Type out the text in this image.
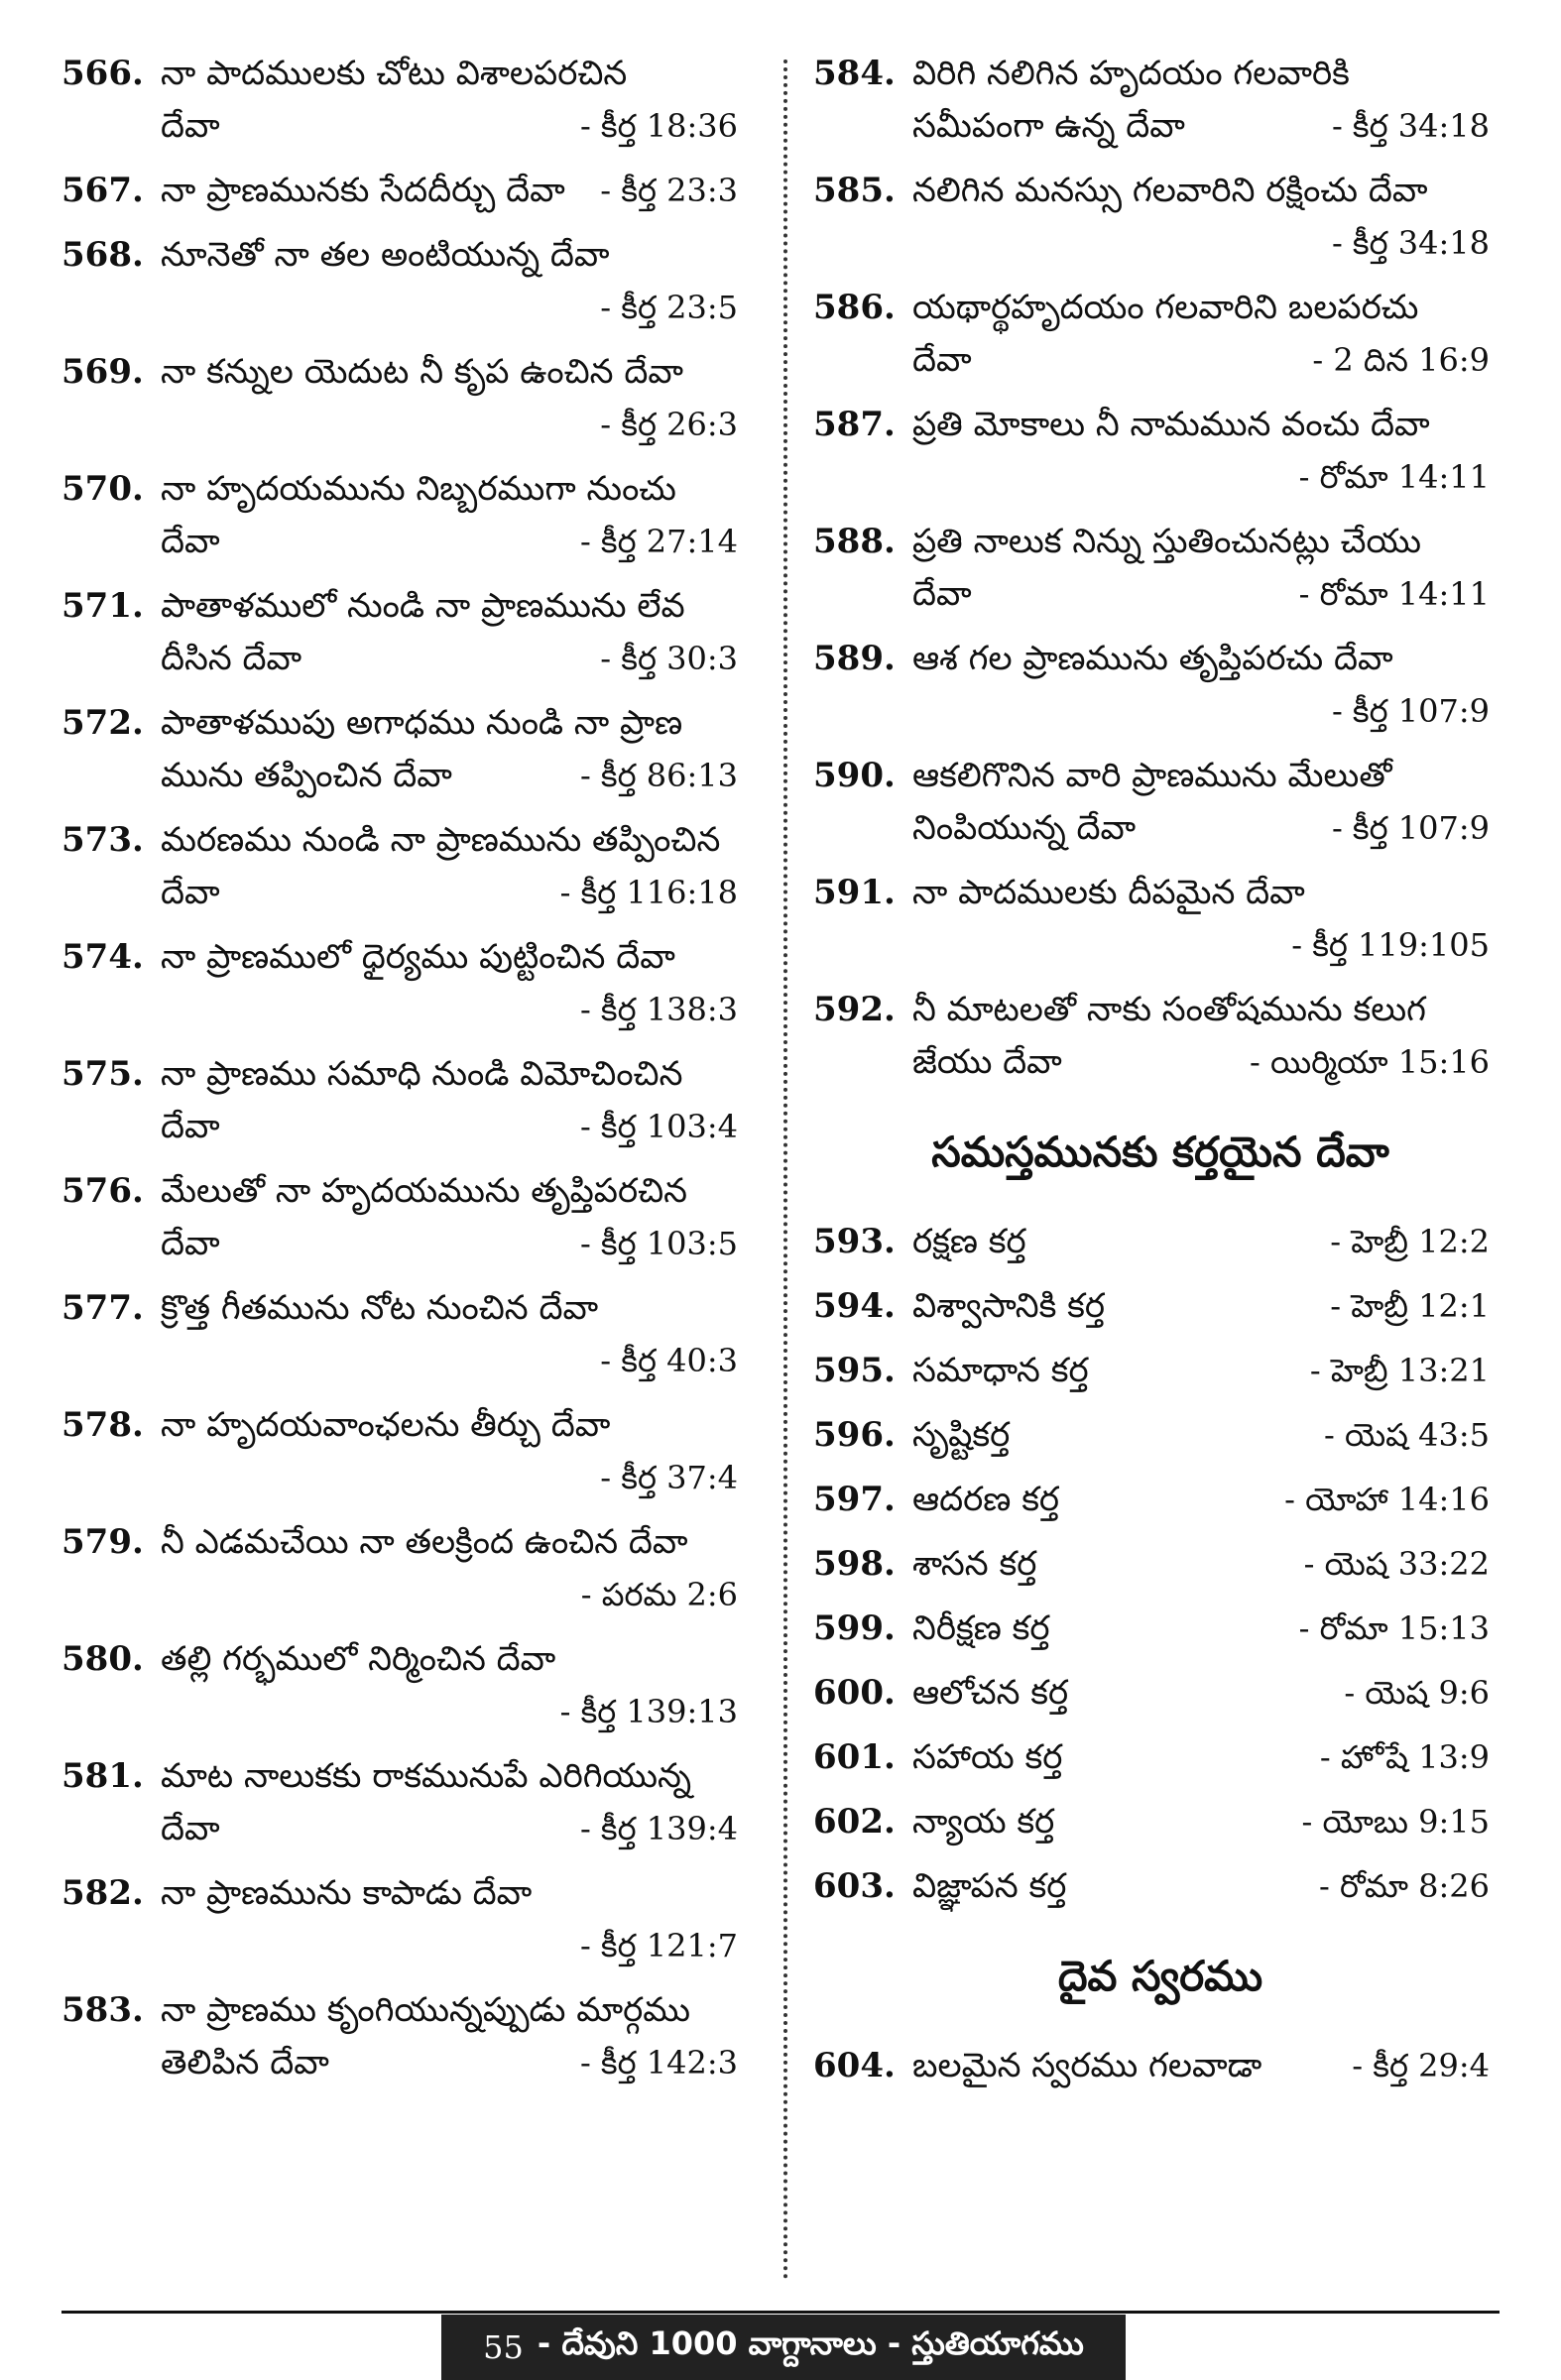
566. నా పాదములకు చోటు విశాలపరచిన
దేవా	- కీర్త 18:36
567. నా ప్రాణమునకు సేదదీర్చు దేవా	- కీర్త 23:3
568. నూనెతో నా తల అంటియున్న దేవా
- కీర్త 23:5
569. నా కన్నుల యెదుట నీ కృప ఉంచిన దేవా
- కీర్త 26:3
570. నా హృదయమును నిబ్బరముగా నుంచు
దేవా	- కీర్త 27:14
571. పాతాళములో నుండి నా ప్రాణమును లేవ
దీసిన దేవా	- కీర్త 30:3
572. పాతాళముపు అగాధము నుండి నా ప్రాణ
మును తప్పించిన దేవా	- కీర్త 86:13
573. మరణము నుండి నా ప్రాణమును తప్పించిన
దేవా	- కీర్త 116:18
574. నా ప్రాణములో ధైర్యము పుట్టించిన దేవా
- కీర్త 138:3
575. నా ప్రాణము సమాధి నుండి విమోచించిన
దేవా	- కీర్త 103:4
576. మేలుతో నా హృదయమును తృప్తిపరచిన
దేవా	- కీర్త 103:5
577. క్రొత్త గీతమును నోట నుంచిన దేవా
- కీర్త 40:3
578. నా హృదయవాంఛలను తీర్చు దేవా
- కీర్త 37:4
579. నీ ఎడమచేయి నా తలక్రింద ఉంచిన దేవా
- పరమ 2:6
580. తల్లి గర్భములో నిర్మించిన దేవా
- కీర్త 139:13
581. మాట నాలుకకు రాకమునుపే ఎరిగియున్న
దేవా	- కీర్త 139:4
582. నా ప్రాణమును కాపాడు దేవా
- కీర్త 121:7
583. నా ప్రాణము కృంగియున్నప్పుడు మార్గము
తెలిపిన దేవా	- కీర్త 142:3
584. విరిగి నలిగిన హృదయం గలవారికి
సమీపంగా ఉన్న దేవా	- కీర్త 34:18
585. నలిగిన మనస్సు గలవారిని రక్షించు దేవా
- కీర్త 34:18
586. యథార్థహృదయం గలవారిని బలపరచు
దేవా	- 2 దిన 16:9
587. ప్రతి మోకాలు నీ నామమున వంచు దేవా
- రోమా 14:11
588. ప్రతి నాలుక నిన్ను స్తుతించునట్లు చేయు
దేవా	- రోమా 14:11
589. ఆశ గల ప్రాణమును తృప్తిపరచు దేవా
- కీర్త 107:9
590. ఆకలిగొనిన వారి ప్రాణమును మేలుతో
నింపియున్న దేవా	- కీర్త 107:9
591. నా పాదములకు దీపమైన దేవా
- కీర్త 119:105
592. నీ మాటలతో నాకు సంతోషమును కలుగ
జేయు దేవా	- యిర్మియా 15:16
సమస్తమునకు కర్తయైన దేవా
593. రక్షణ కర్త	- హెబ్రీ 12:2
594. విశ్వాసానికి కర్త	- హెబ్రీ 12:1
595. సమాధాన కర్త	- హెబ్రీ 13:21
596. సృష్టికర్త	- యెష 43:5
597. ఆదరణ కర్త	- యోహా 14:16
598. శాసన కర్త	- యెష 33:22
599. నిరీక్షణ కర్త	- రోమా 15:13
600. ఆలోచన కర్త	- యెష 9:6
601. సహాయ కర్త	- హోషే 13:9
602. న్యాయ కర్త	- యోబు 9:15
603. విజ్ఞాపన కర్త	- రోమా 8:26
దైవ స్వరము
604. బలమైన స్వరము గలవాడా	- కీర్త 29:4
55 - దేవుని 1000 వాగ్దానాలు - స్తుతియాగము
